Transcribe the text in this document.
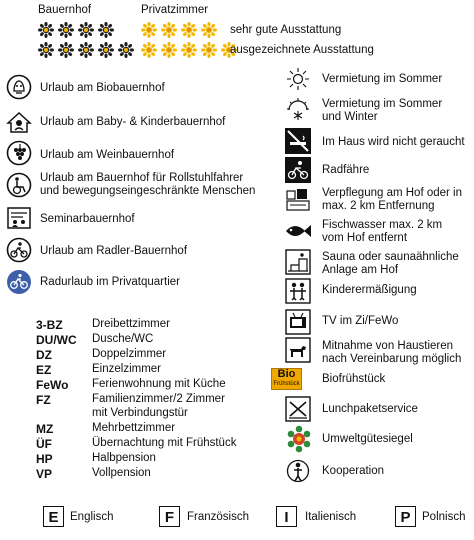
Bauernhof	Privatzimmer
sehr gute Ausstattung
ausgezeichnete Ausstattung
Urlaub am Biobauernhof
Urlaub am Baby- & Kinderbauernhof
Urlaub am Weinbauernhof
Urlaub am Bauernhof für Rollstuhlfahrer
und bewegungseingeschränkte Menschen
Seminarbauernhof
Urlaub am Radler-Bauernhof
Radurlaub im Privatquartier
3-BZ	Dreibettzimmer
DU/WC Dusche/WC
DZ	Doppelzimmer
EZ	Einzelzimmer
FeWo Ferienwohnung mit Küche
FZ	Familienzimmer/2 Zimmer
mit Verbindungstür
MZ	Mehrbettzimmer
ÜF	Übernachtung mit Frühstück
HP	Halbpension
VP	Vollpension
Vermietung im Sommer
Vermietung im Sommer
und Winter
Im Haus wird nicht geraucht
Radfähre
Verpflegung am Hof oder in
max. 2 km Entfernung
Fischwasser max. 2 km
vom Hof entfernt
Sauna oder saunaähnliche
Anlage am Hof
Kinderermäßigung
TV im Zi/FeWo
Mitnahme von Haustieren
nach Vereinbarung möglich
Bio
Frühstück Biofrühstück
Lunchpaketservice
Umweltgütesiegel
Kooperation
E	Englisch	F	Französisch	I	Italienisch	P	Polnisch
